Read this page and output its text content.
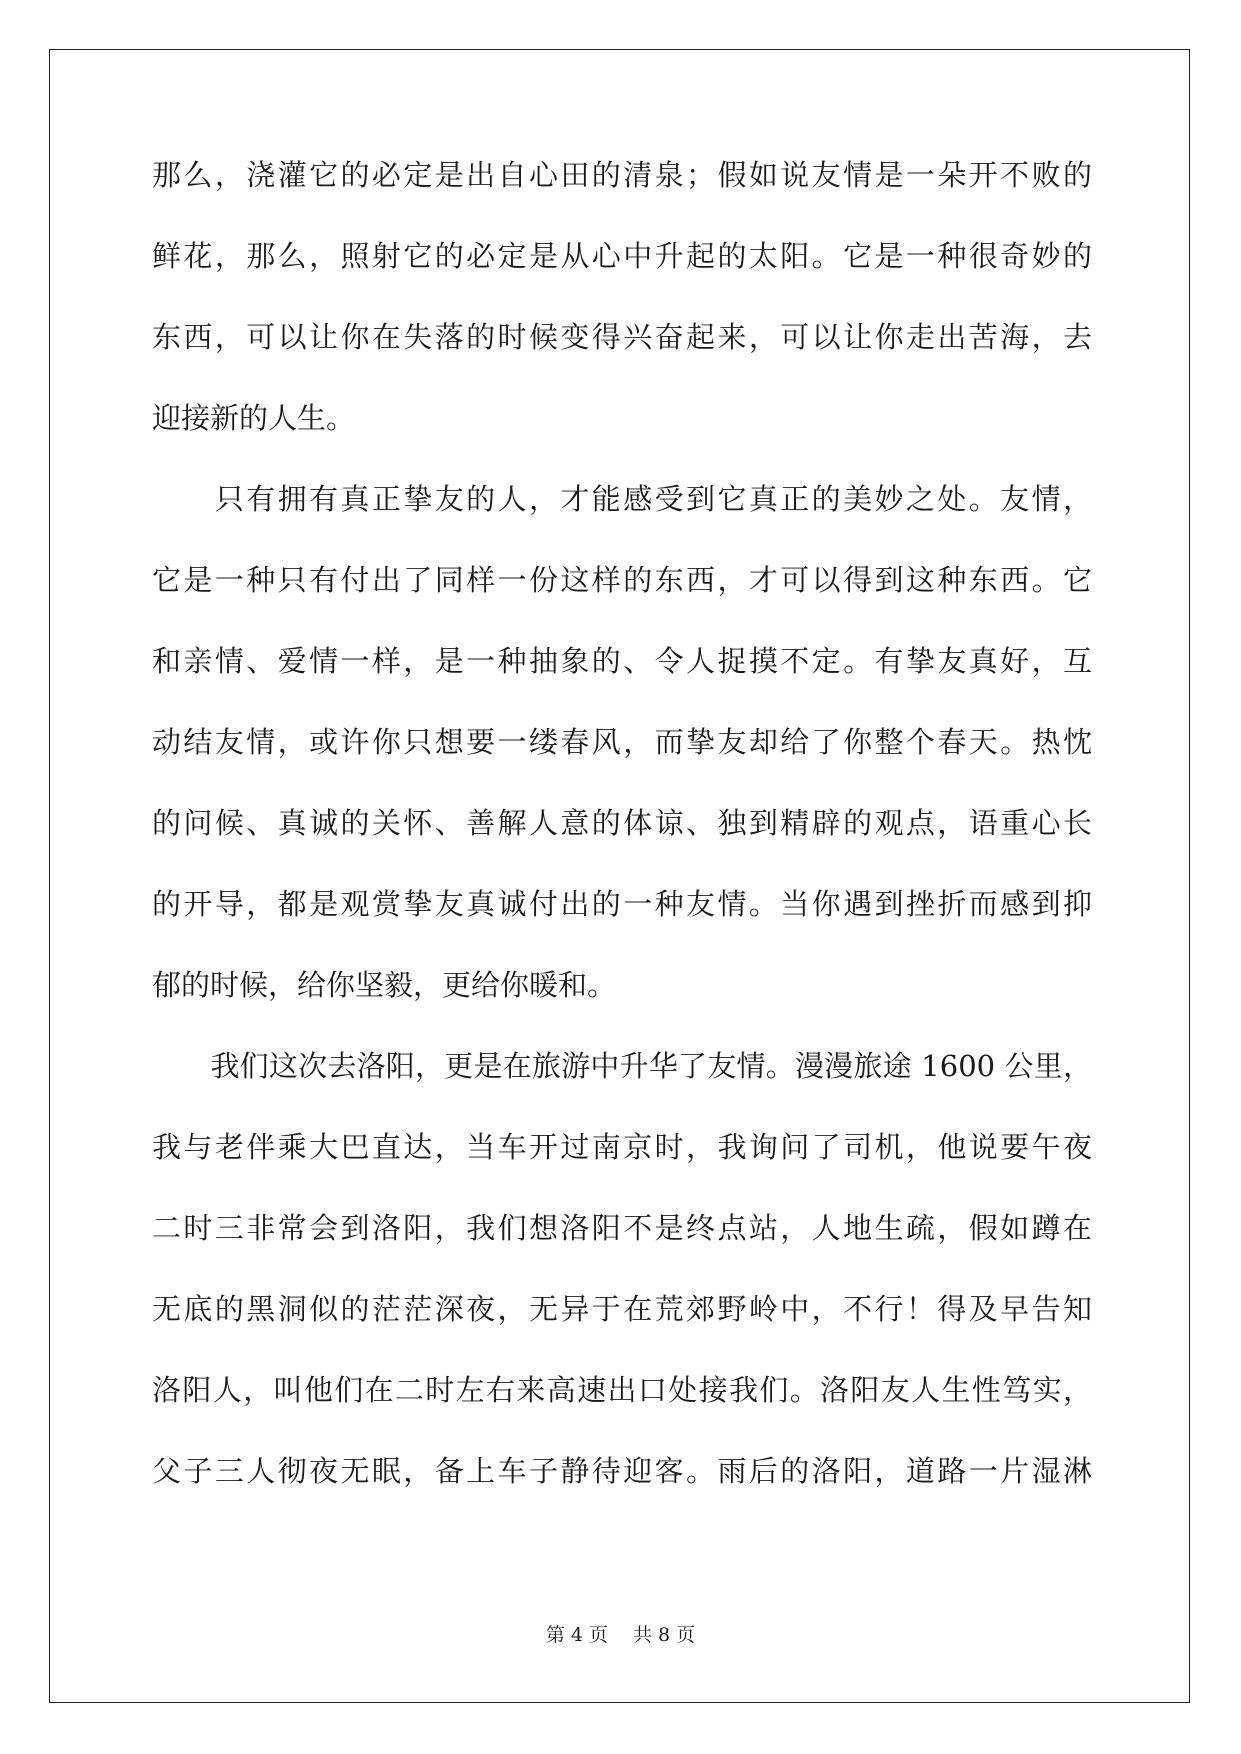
那么，浇灌它的必定是出自心田的清泉；假如说友情是一朵开不败的
鲜花，那么，照射它的必定是从心中升起的太阳。它是一种很奇妙的
东西，可以让你在失落的时候变得兴奋起来，可以让你走出苦海，去
迎接新的人生。
　　只有拥有真正挚友的人，才能感受到它真正的美妙之处。友情，
它是一种只有付出了同样一份这样的东西，才可以得到这种东西。它
和亲情、爱情一样，是一种抽象的、令人捉摸不定。有挚友真好，互
动结友情，或许你只想要一缕春风，而挚友却给了你整个春天。热忱
的问候、真诚的关怀、善解人意的体谅、独到精辟的观点，语重心长
的开导，都是观赏挚友真诚付出的一种友情。当你遇到挫折而感到抑
郁的时候，给你坚毅，更给你暖和。
　　我们这次去洛阳，更是在旅游中升华了友情。漫漫旅途 1600 公里，
我与老伴乘大巴直达，当车开过南京时，我询问了司机，他说要午夜
二时三非常会到洛阳，我们想洛阳不是终点站，人地生疏，假如蹲在
无底的黑洞似的茫茫深夜，无异于在荒郊野岭中，不行！得及早告知
洛阳人，叫他们在二时左右来高速出口处接我们。洛阳友人生性笃实，
父子三人彻夜无眠，备上车子静待迎客。雨后的洛阳，道路一片湿淋
第 4 页　 共 8 页
